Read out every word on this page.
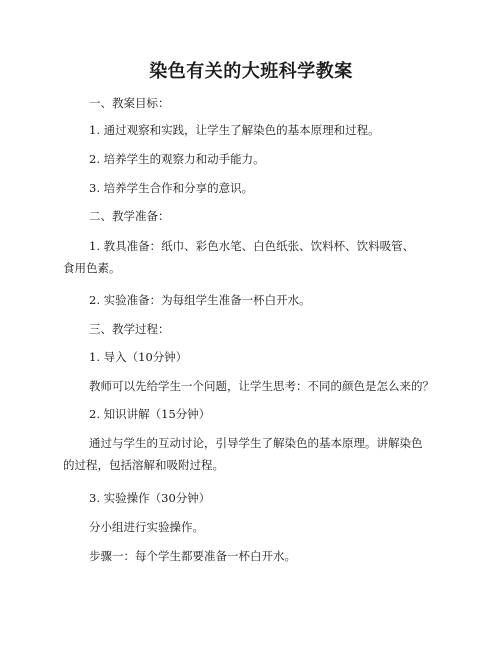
染色有关的大班科学教案
一、教案目标：
1. 通过观察和实践，让学生了解染色的基本原理和过程。
2. 培养学生的观察力和动手能力。
3. 培养学生合作和分享的意识。
二、教学准备：
1. 教具准备：纸巾、彩色水笔、白色纸张、饮料杯、饮料吸管、食用色素。
2. 实验准备：为每组学生准备一杯白开水。
三、教学过程：
1. 导入（10分钟）
教师可以先给学生一个问题，让学生思考：不同的颜色是怎么来的？
2. 知识讲解（15分钟）
通过与学生的互动讨论，引导学生了解染色的基本原理。讲解染色的过程，包括溶解和吸附过程。
3. 实验操作（30分钟）
分小组进行实验操作。
步骤一：每个学生都要准备一杯白开水。
